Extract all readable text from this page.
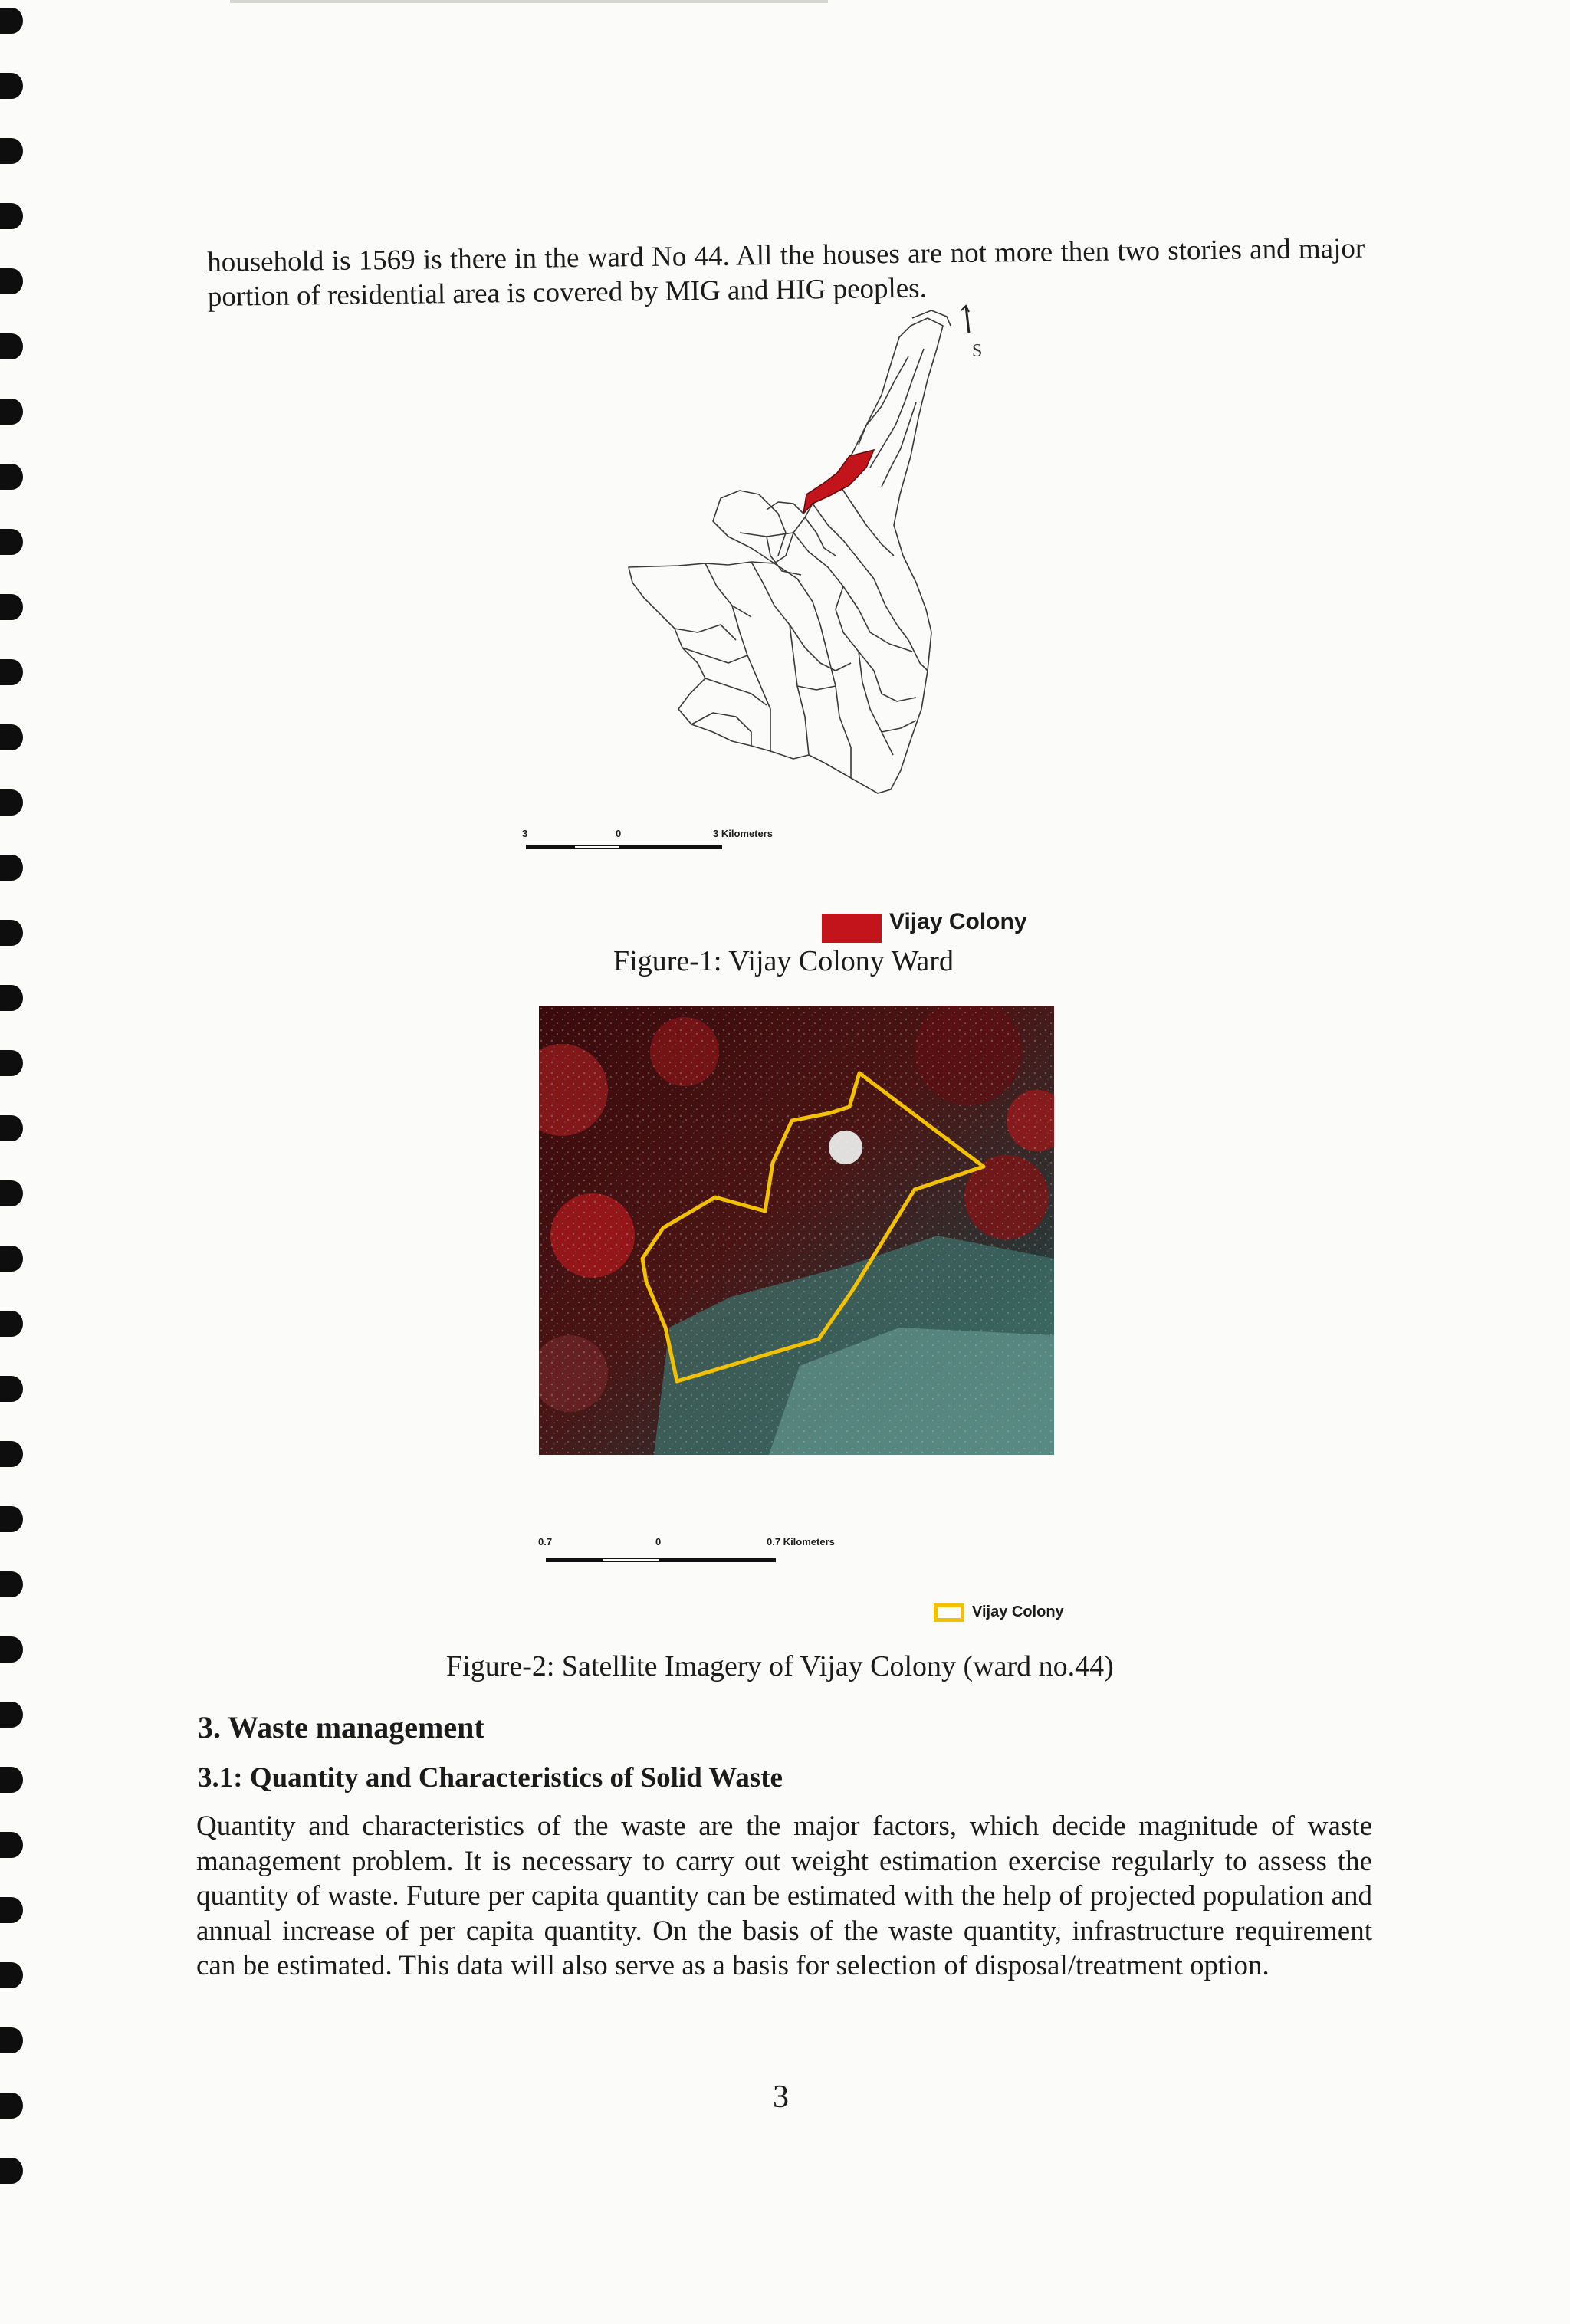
household is 1569 is there in the ward No 44. All the houses are not more then two stories and major portion of residential area is covered by MIG and HIG peoples.

S
3	0	3 Kilometers
Vijay Colony

Figure-1: Vijay Colony Ward

0.7	0	0.7 Kilometers
Vijay Colony

Figure-2: Satellite Imagery of Vijay Colony (ward no.44)

3. Waste management
3.1: Quantity and Characteristics of Solid Waste

Quantity and characteristics of the waste are the major factors, which decide magnitude of waste management problem. It is necessary to carry out weight estimation exercise regularly to assess the quantity of waste. Future per capita quantity can be estimated with the help of projected population and annual increase of per capita quantity. On the basis of the waste quantity, infrastructure requirement can be estimated. This data will also serve as a basis for selection of disposal/treatment option.

3
